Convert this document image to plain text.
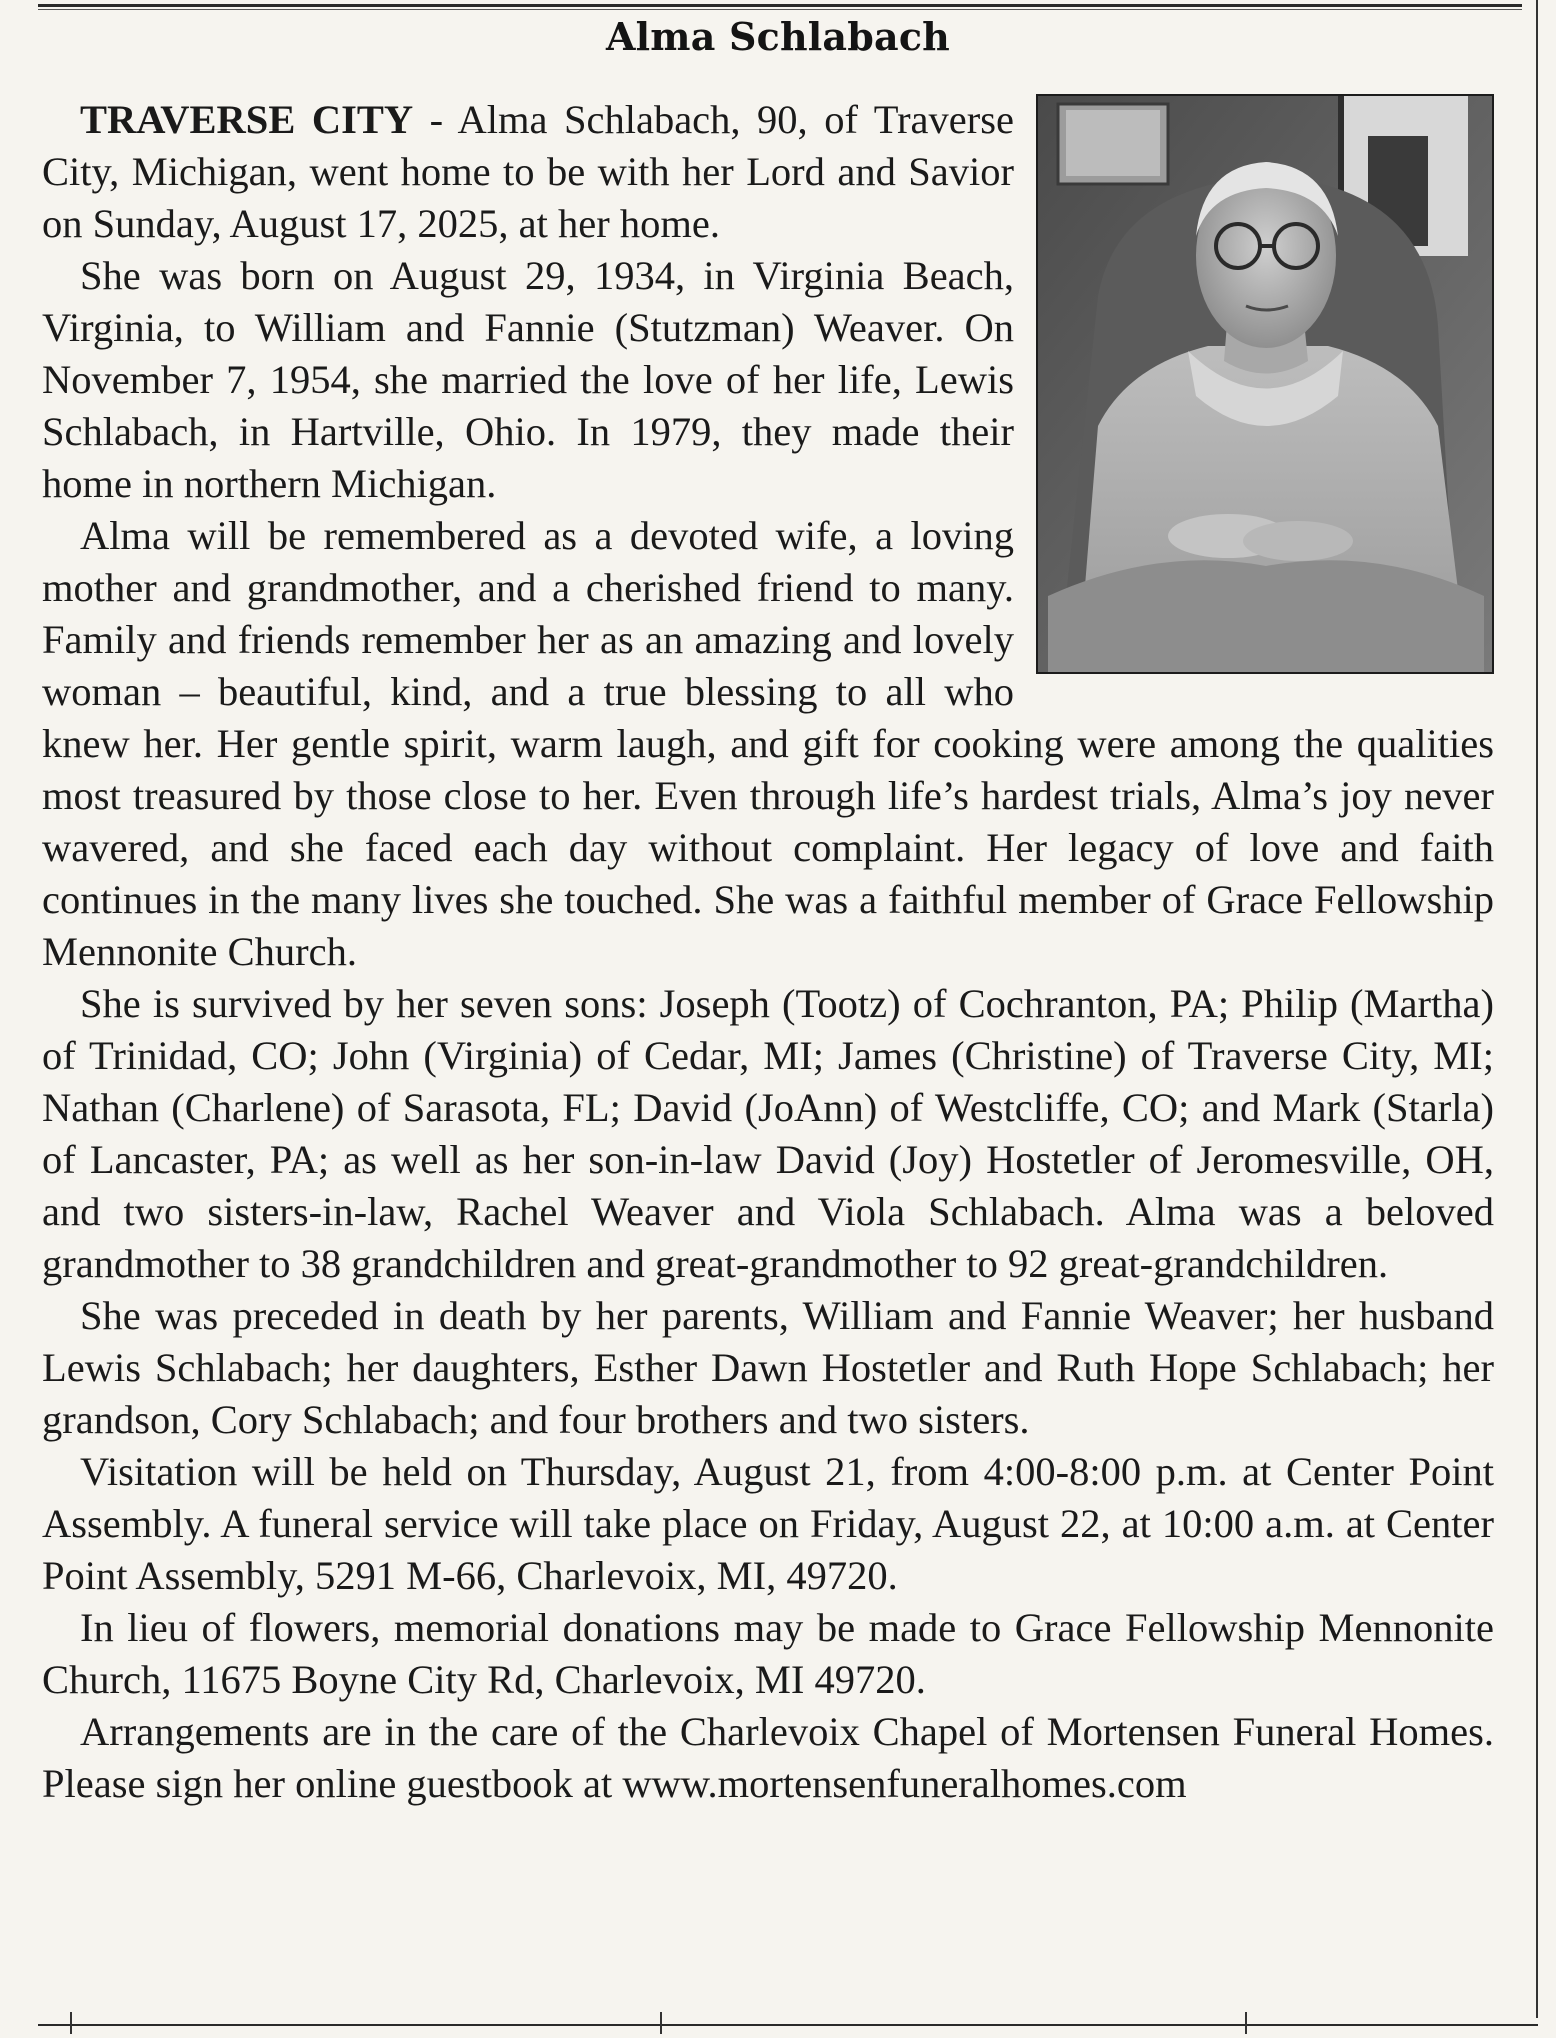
Alma Schlabach

TRAVERSE CITY - Alma Schlabach, 90, of Traverse City, Michigan, went home to be with her Lord and Savior on Sunday, August 17, 2025, at her home.

She was born on August 29, 1934, in Virginia Beach, Virginia, to William and Fannie (Stutzman) Weaver. On November 7, 1954, she married the love of her life, Lewis Schlabach, in Hartville, Ohio. In 1979, they made their home in northern Michigan.

Alma will be remembered as a devoted wife, a loving mother and grandmother, and a cherished friend to many. Family and friends remember her as an amazing and lovely woman – beautiful, kind, and a true blessing to all who knew her. Her gentle spirit, warm laugh, and gift for cooking were among the qualities most treasured by those close to her. Even through life’s hardest trials, Alma’s joy never wavered, and she faced each day without complaint. Her legacy of love and faith continues in the many lives she touched. She was a faithful member of Grace Fellowship Mennonite Church.

She is survived by her seven sons: Joseph (Tootz) of Cochranton, PA; Philip (Martha) of Trinidad, CO; John (Virginia) of Cedar, MI; James (Christine) of Traverse City, MI; Nathan (Charlene) of Sarasota, FL; David (JoAnn) of Westcliffe, CO; and Mark (Starla) of Lancaster, PA; as well as her son-in-law David (Joy) Hostetler of Jeromesville, OH, and two sisters-in-law, Rachel Weaver and Viola Schlabach. Alma was a beloved grandmother to 38 grandchildren and great-grandmother to 92 great-grandchildren.

She was preceded in death by her parents, William and Fannie Weaver; her husband Lewis Schlabach; her daughters, Esther Dawn Hostetler and Ruth Hope Schlabach; her grandson, Cory Schlabach; and four brothers and two sisters.

Visitation will be held on Thursday, August 21, from 4:00-8:00 p.m. at Center Point Assembly. A funeral service will take place on Friday, August 22, at 10:00 a.m. at Center Point Assembly, 5291 M-66, Charlevoix, MI, 49720.

In lieu of flowers, memorial donations may be made to Grace Fellowship Mennonite Church, 11675 Boyne City Rd, Charlevoix, MI 49720.

Arrangements are in the care of the Charlevoix Chapel of Mortensen Funeral Homes. Please sign her online guestbook at www.mortensenfuneralhomes.com
